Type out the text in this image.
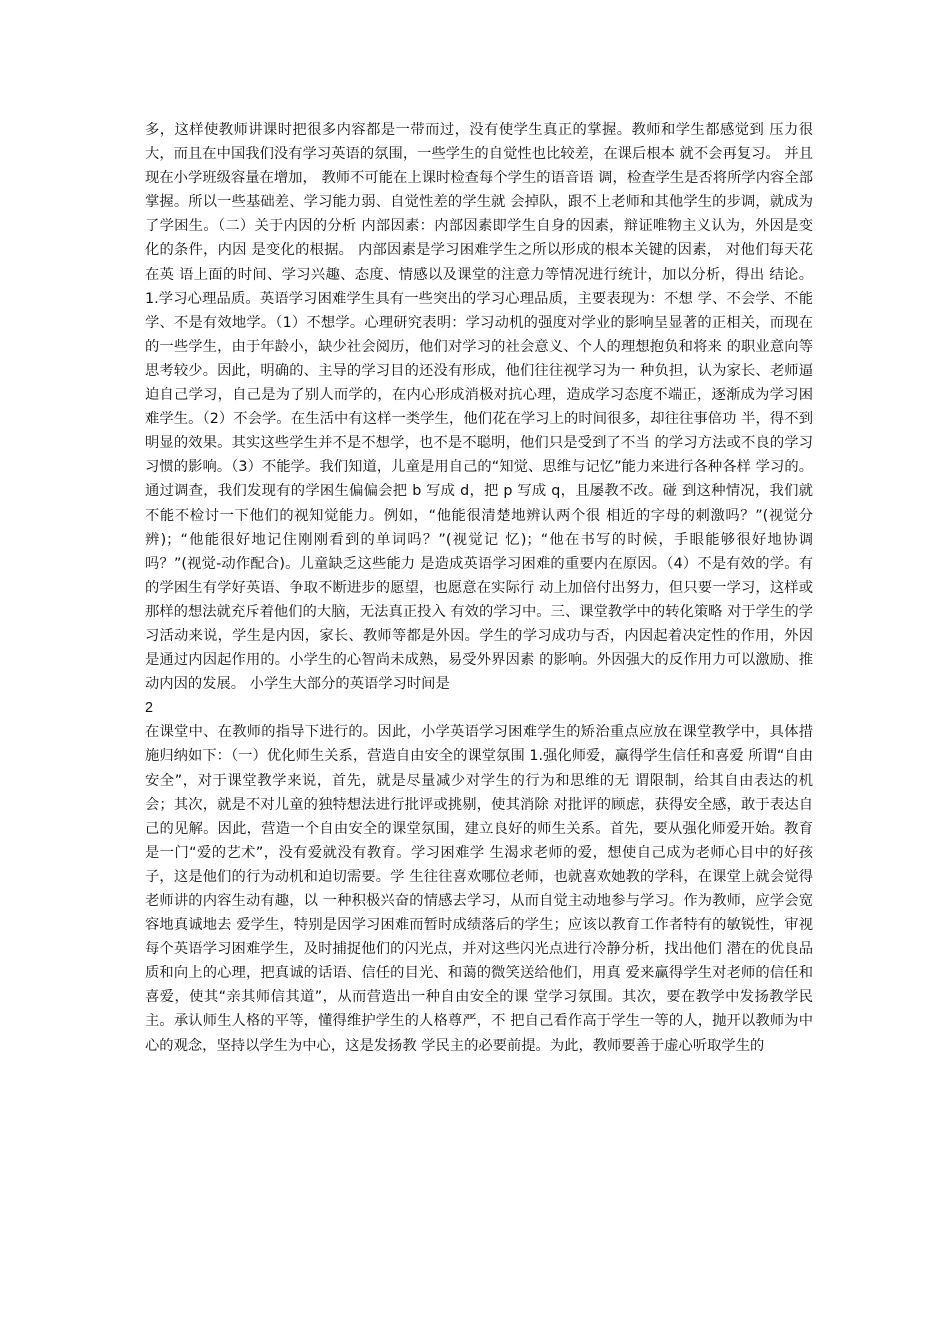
多，这样使教师讲课时把很多内容都是一带而过，没有使学生真正的掌握。教师和学生都感觉到 压力很大，而且在中国我们没有学习英语的氛围，一些学生的自觉性也比较差，在课后根本 就不会再复习。 并且现在小学班级容量在增加， 教师不可能在上课时检查每个学生的语音语 调，检查学生是否将所学内容全部掌握。所以一些基础差、学习能力弱、自觉性差的学生就 会掉队，跟不上老师和其他学生的步调，就成为了学困生。（二）关于内因的分析 内部因素：内部因素即学生自身的因素，辩证唯物主义认为，外因是变化的条件，内因 是变化的根据。 内部因素是学习困难学生之所以形成的根本关键的因素， 对他们每天花在英 语上面的时间、学习兴趣、态度、情感以及课堂的注意力等情况进行统计，加以分析，得出 结论。 1.学习心理品质。英语学习困难学生具有一些突出的学习心理品质，主要表现为：不想 学、不会学、不能学、不是有效地学。（1）不想学。心理研究表明：学习动机的强度对学业的影响呈显著的正相关，而现在 的一些学生，由于年龄小，缺少社会阅历，他们对学习的社会意义、个人的理想抱负和将来 的职业意向等思考较少。因此，明确的、主导的学习目的还没有形成，他们往往视学习为一 种负担，认为家长、老师逼迫自己学习，自己是为了别人而学的，在内心形成消极对抗心理，造成学习态度不端正，逐渐成为学习困难学生。（2）不会学。在生活中有这样一类学生，他们花在学习上的时间很多，却往往事倍功 半，得不到明显的效果。其实这些学生并不是不想学，也不是不聪明，他们只是受到了不当 的学习方法或不良的学习习惯的影响。（3）不能学。我们知道，儿童是用自己的“知觉、思维与记忆”能力来进行各种各样 学习的。通过调查，我们发现有的学困生偏偏会把 b 写成 d，把 p 写成 q，且屡教不改。碰 到这种情况，我们就不能不检讨一下他们的视知觉能力。例如，“他能很清楚地辨认两个很 相近的字母的刺激吗？”(视觉分辨)；“他能很好地记住刚刚看到的单词吗？”(视觉记 忆)；“他在书写的时候，手眼能够很好地协调吗？”(视觉-动作配合)。儿童缺乏这些能力 是造成英语学习困难的重要内在原因。（4）不是有效的学。有的学困生有学好英语、争取不断进步的愿望，也愿意在实际行 动上加倍付出努力，但只要一学习，这样或那样的想法就充斥着他们的大脑，无法真正投入 有效的学习中。三、课堂教学中的转化策略 对于学生的学习活动来说，学生是内因，家长、教师等都是外因。学生的学习成功与否，内因起着决定性的作用，外因是通过内因起作用的。小学生的心智尚未成熟，易受外界因素 的影响。外因强大的反作用力可以激励、推动内因的发展。 小学生大部分的英语学习时间是

2

在课堂中、在教师的指导下进行的。因此，小学英语学习困难学生的矫治重点应放在课堂教学中，具体措施归纳如下：（一）优化师生关系，营造自由安全的课堂氛围 1.强化师爱，赢得学生信任和喜爱 所谓“自由安全”，对于课堂教学来说，首先，就是尽量减少对学生的行为和思维的无 谓限制，给其自由表达的机会；其次，就是不对儿童的独特想法进行批评或挑剔，使其消除 对批评的顾虑，获得安全感，敢于表达自己的见解。因此，营造一个自由安全的课堂氛围，建立良好的师生关系。首先，要从强化师爱开始。教育是一门“爱的艺术”，没有爱就没有教育。学习困难学 生渴求老师的爱，想使自己成为老师心目中的好孩子，这是他们的行为动机和迫切需要。学 生往往喜欢哪位老师，也就喜欢她教的学科，在课堂上就会觉得老师讲的内容生动有趣，以 一种积极兴奋的情感去学习，从而自觉主动地参与学习。作为教师，应学会宽容地真诚地去 爱学生，特别是因学习困难而暂时成绩落后的学生；应该以教育工作者特有的敏锐性，审视 每个英语学习困难学生，及时捕捉他们的闪光点，并对这些闪光点进行冷静分析，找出他们 潜在的优良品质和向上的心理，把真诚的话语、信任的目光、和蔼的微笑送给他们，用真 爱来赢得学生对老师的信任和喜爱，使其“亲其师信其道”，从而营造出一种自由安全的课 堂学习氛围。其次，要在教学中发扬教学民主。承认师生人格的平等，懂得维护学生的人格尊严，不 把自己看作高于学生一等的人，抛开以教师为中心的观念，坚持以学生为中心，这是发扬教 学民主的必要前提。为此，教师要善于虚心听取学生的
